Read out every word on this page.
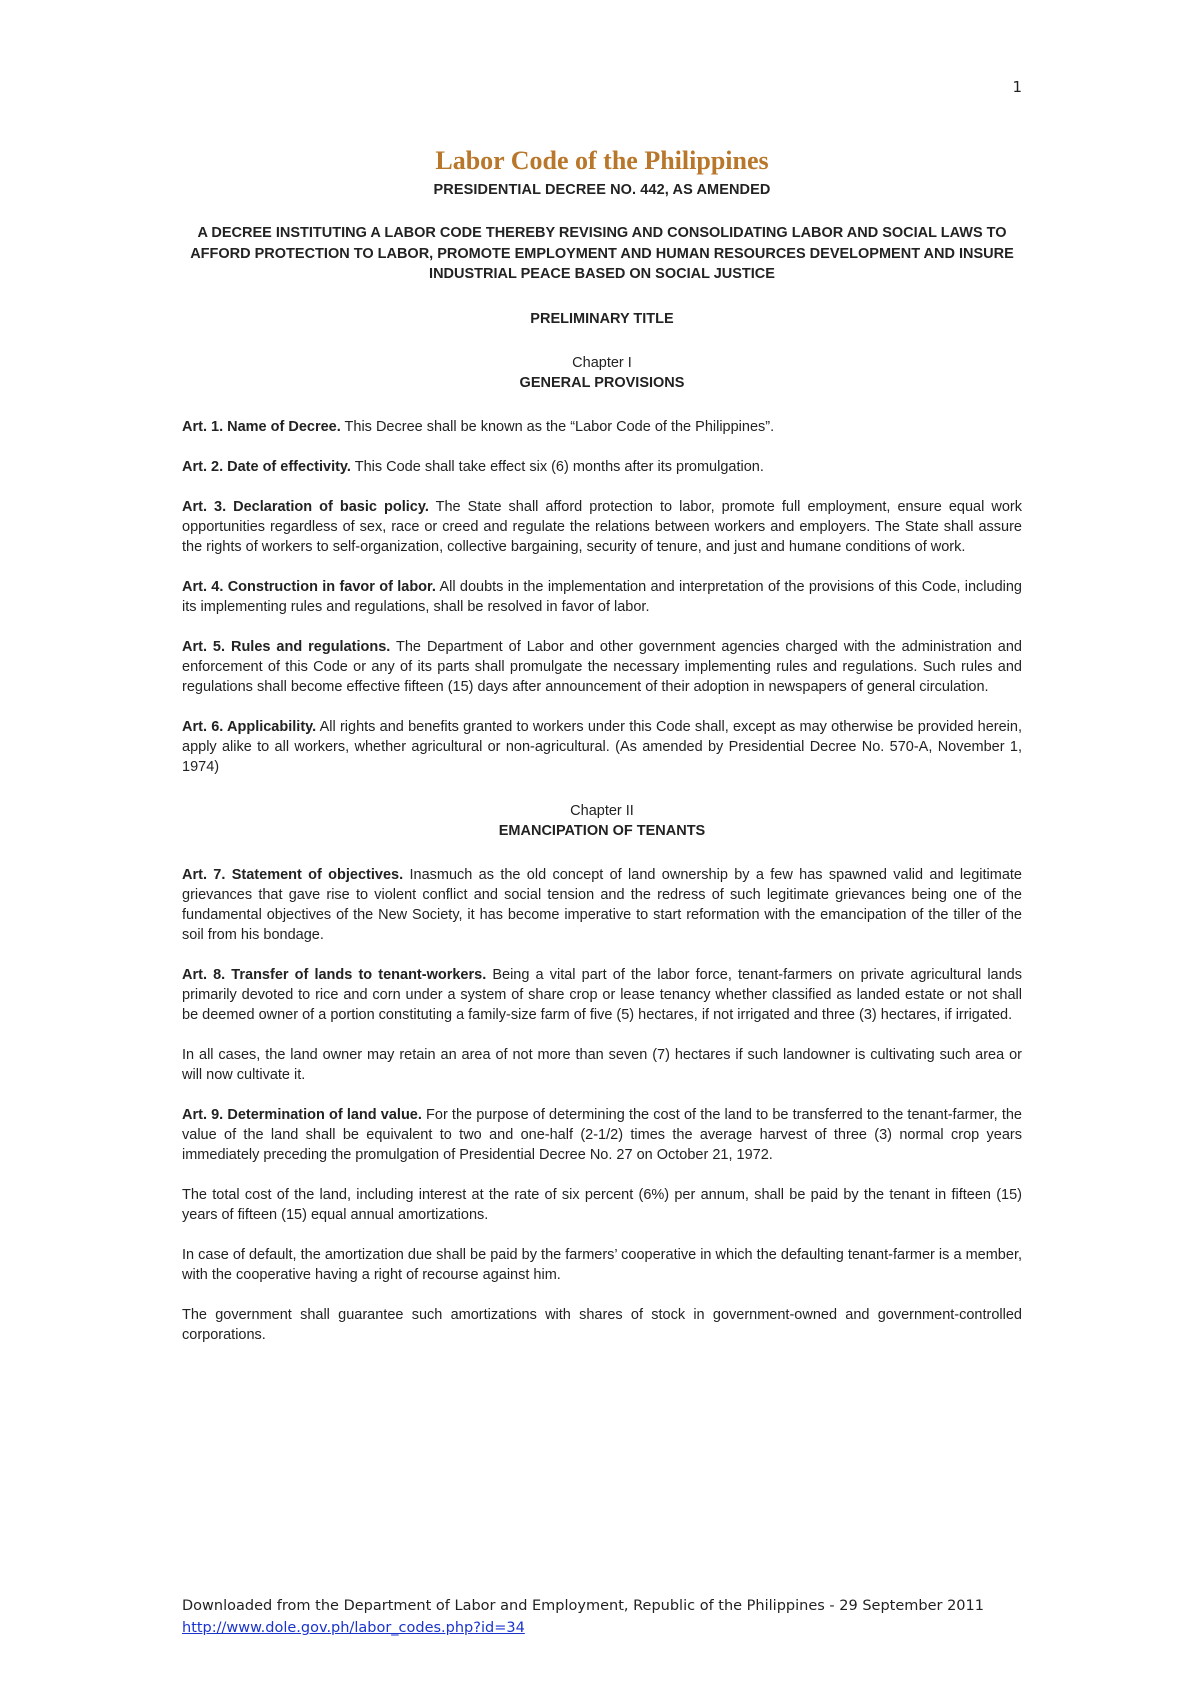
1
Labor Code of the Philippines

PRESIDENTIAL DECREE NO. 442, AS AMENDED

A DECREE INSTITUTING A LABOR CODE THEREBY REVISING AND CONSOLIDATING LABOR AND SOCIAL LAWS TO AFFORD PROTECTION TO LABOR, PROMOTE EMPLOYMENT AND HUMAN RESOURCES DEVELOPMENT AND INSURE INDUSTRIAL PEACE BASED ON SOCIAL JUSTICE

PRELIMINARY TITLE

Chapter I

GENERAL PROVISIONS

Art. 1. Name of Decree. This Decree shall be known as the “Labor Code of the Philippines”.

Art. 2. Date of effectivity. This Code shall take effect six (6) months after its promulgation.

Art. 3. Declaration of basic policy. The State shall afford protection to labor, promote full employment, ensure equal work opportunities regardless of sex, race or creed and regulate the relations between workers and employers. The State shall assure the rights of workers to self-organization, collective bargaining, security of tenure, and just and humane conditions of work.

Art. 4. Construction in favor of labor. All doubts in the implementation and interpretation of the provisions of this Code, including its implementing rules and regulations, shall be resolved in favor of labor.

Art. 5. Rules and regulations. The Department of Labor and other government agencies charged with the administration and enforcement of this Code or any of its parts shall promulgate the necessary implementing rules and regulations. Such rules and regulations shall become effective fifteen (15) days after announcement of their adoption in newspapers of general circulation.

Art. 6. Applicability. All rights and benefits granted to workers under this Code shall, except as may otherwise be provided herein, apply alike to all workers, whether agricultural or non-agricultural. (As amended by Presidential Decree No. 570-A, November 1, 1974)

Chapter II

EMANCIPATION OF TENANTS

Art. 7. Statement of objectives. Inasmuch as the old concept of land ownership by a few has spawned valid and legitimate grievances that gave rise to violent conflict and social tension and the redress of such legitimate grievances being one of the fundamental objectives of the New Society, it has become imperative to start reformation with the emancipation of the tiller of the soil from his bondage.

Art. 8. Transfer of lands to tenant-workers. Being a vital part of the labor force, tenant-farmers on private agricultural lands primarily devoted to rice and corn under a system of share crop or lease tenancy whether classified as landed estate or not shall be deemed owner of a portion constituting a family-size farm of five (5) hectares, if not irrigated and three (3) hectares, if irrigated.

In all cases, the land owner may retain an area of not more than seven (7) hectares if such landowner is cultivating such area or will now cultivate it.

Art. 9. Determination of land value. For the purpose of determining the cost of the land to be transferred to the tenant-farmer, the value of the land shall be equivalent to two and one-half (2-1/2) times the average harvest of three (3) normal crop years immediately preceding the promulgation of Presidential Decree No. 27 on October 21, 1972.

The total cost of the land, including interest at the rate of six percent (6%) per annum, shall be paid by the tenant in fifteen (15) years of fifteen (15) equal annual amortizations.

In case of default, the amortization due shall be paid by the farmers’ cooperative in which the defaulting tenant-farmer is a member, with the cooperative having a right of recourse against him.

The government shall guarantee such amortizations with shares of stock in government-owned and government-controlled corporations.

Downloaded from the Department of Labor and Employment, Republic of the Philippines - 29 September 2011
http://www.dole.gov.ph/labor_codes.php?id=34
